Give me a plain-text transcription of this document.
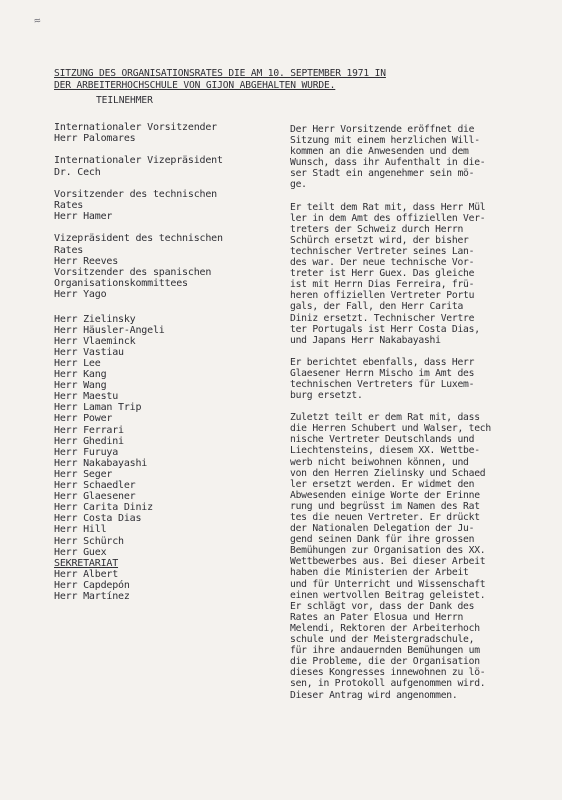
≈
SITZUNG DES ORGANISATIONSRATES DIE AM 10. SEPTEMBER 1971 IN
DER ARBEITERHOCHSCHULE VON GIJON ABGEHALTEN WURDE.
TEILNEHMER
Internationaler Vorsitzender
Herr Palomares
Internationaler Vizepräsident
Dr. Cech
Vorsitzender des technischen
Rates
Herr Hamer
Vizepräsident des technischen
Rates
Herr Reeves
Vorsitzender des spanischen
Organisationskommittees
Herr Yago
Herr Zielinsky
Herr Häusler-Angeli
Herr Vlaeminck
Herr Vastiau
Herr Lee
Herr Kang
Herr Wang
Herr Maestu
Herr Laman Trip
Herr Power
Herr Ferrari
Herr Ghedini
Herr Furuya
Herr Nakabayashi
Herr Seger
Herr Schaedler
Herr Glaesener
Herr Carita Diniz
Herr Costa Dias
Herr Hill
Herr Schürch
Herr Guex
SEKRETARIAT
Herr Albert
Herr Capdepón
Herr Martínez
Der Herr Vorsitzende eröffnet die
Sitzung mit einem herzlichen Will-
kommen an die Anwesenden und dem
Wunsch, dass ihr Aufenthalt in die-
ser Stadt ein angenehmer sein mö-
ge.
Er teilt dem Rat mit, dass Herr Mül
ler in dem Amt des offiziellen Ver-
treters der Schweiz durch Herrn
Schürch ersetzt wird, der bisher
technischer Vertreter seines Lan-
des war. Der neue technische Vor-
treter ist Herr Guex. Das gleiche
ist mit Herrn Dias Ferreira, frü-
heren offiziellen Vertreter Portu
gals, der Fall, den Herr Carita
Diniz ersetzt. Technischer Vertre
ter Portugals ist Herr Costa Dias,
und Japans Herr Nakabayashi
Er berichtet ebenfalls, dass Herr
Glaesener Herrn Mischo im Amt des
technischen Vertreters für Luxem-
burg ersetzt.
Zuletzt teilt er dem Rat mit, dass
die Herren Schubert und Walser, tech
nische Vertreter Deutschlands und
Liechtensteins, diesem XX. Wettbe-
werb nicht beiwohnen können, und
von den Herren Zielinsky und Schaed
ler ersetzt werden. Er widmet den
Abwesenden einige Worte der Erinne
rung und begrüsst im Namen des Rat
tes die neuen Vertreter. Er drückt
der Nationalen Delegation der Ju-
gend seinen Dank für ihre grossen
Bemühungen zur Organisation des XX.
Wettbewerbes aus. Bei dieser Arbeit
haben die Ministerien der Arbeit
und für Unterricht und Wissenschaft
einen wertvollen Beitrag geleistet.
Er schlägt vor, dass der Dank des
Rates an Pater Elosua und Herrn
Melendi, Rektoren der Arbeiterhoch
schule und der Meistergradschule,
für ihre andauernden Bemühungen um
die Probleme, die der Organisation
dieses Kongresses innewohnen zu lö-
sen, in Protokoll aufgenommen wird.
Dieser Antrag wird angenommen.
